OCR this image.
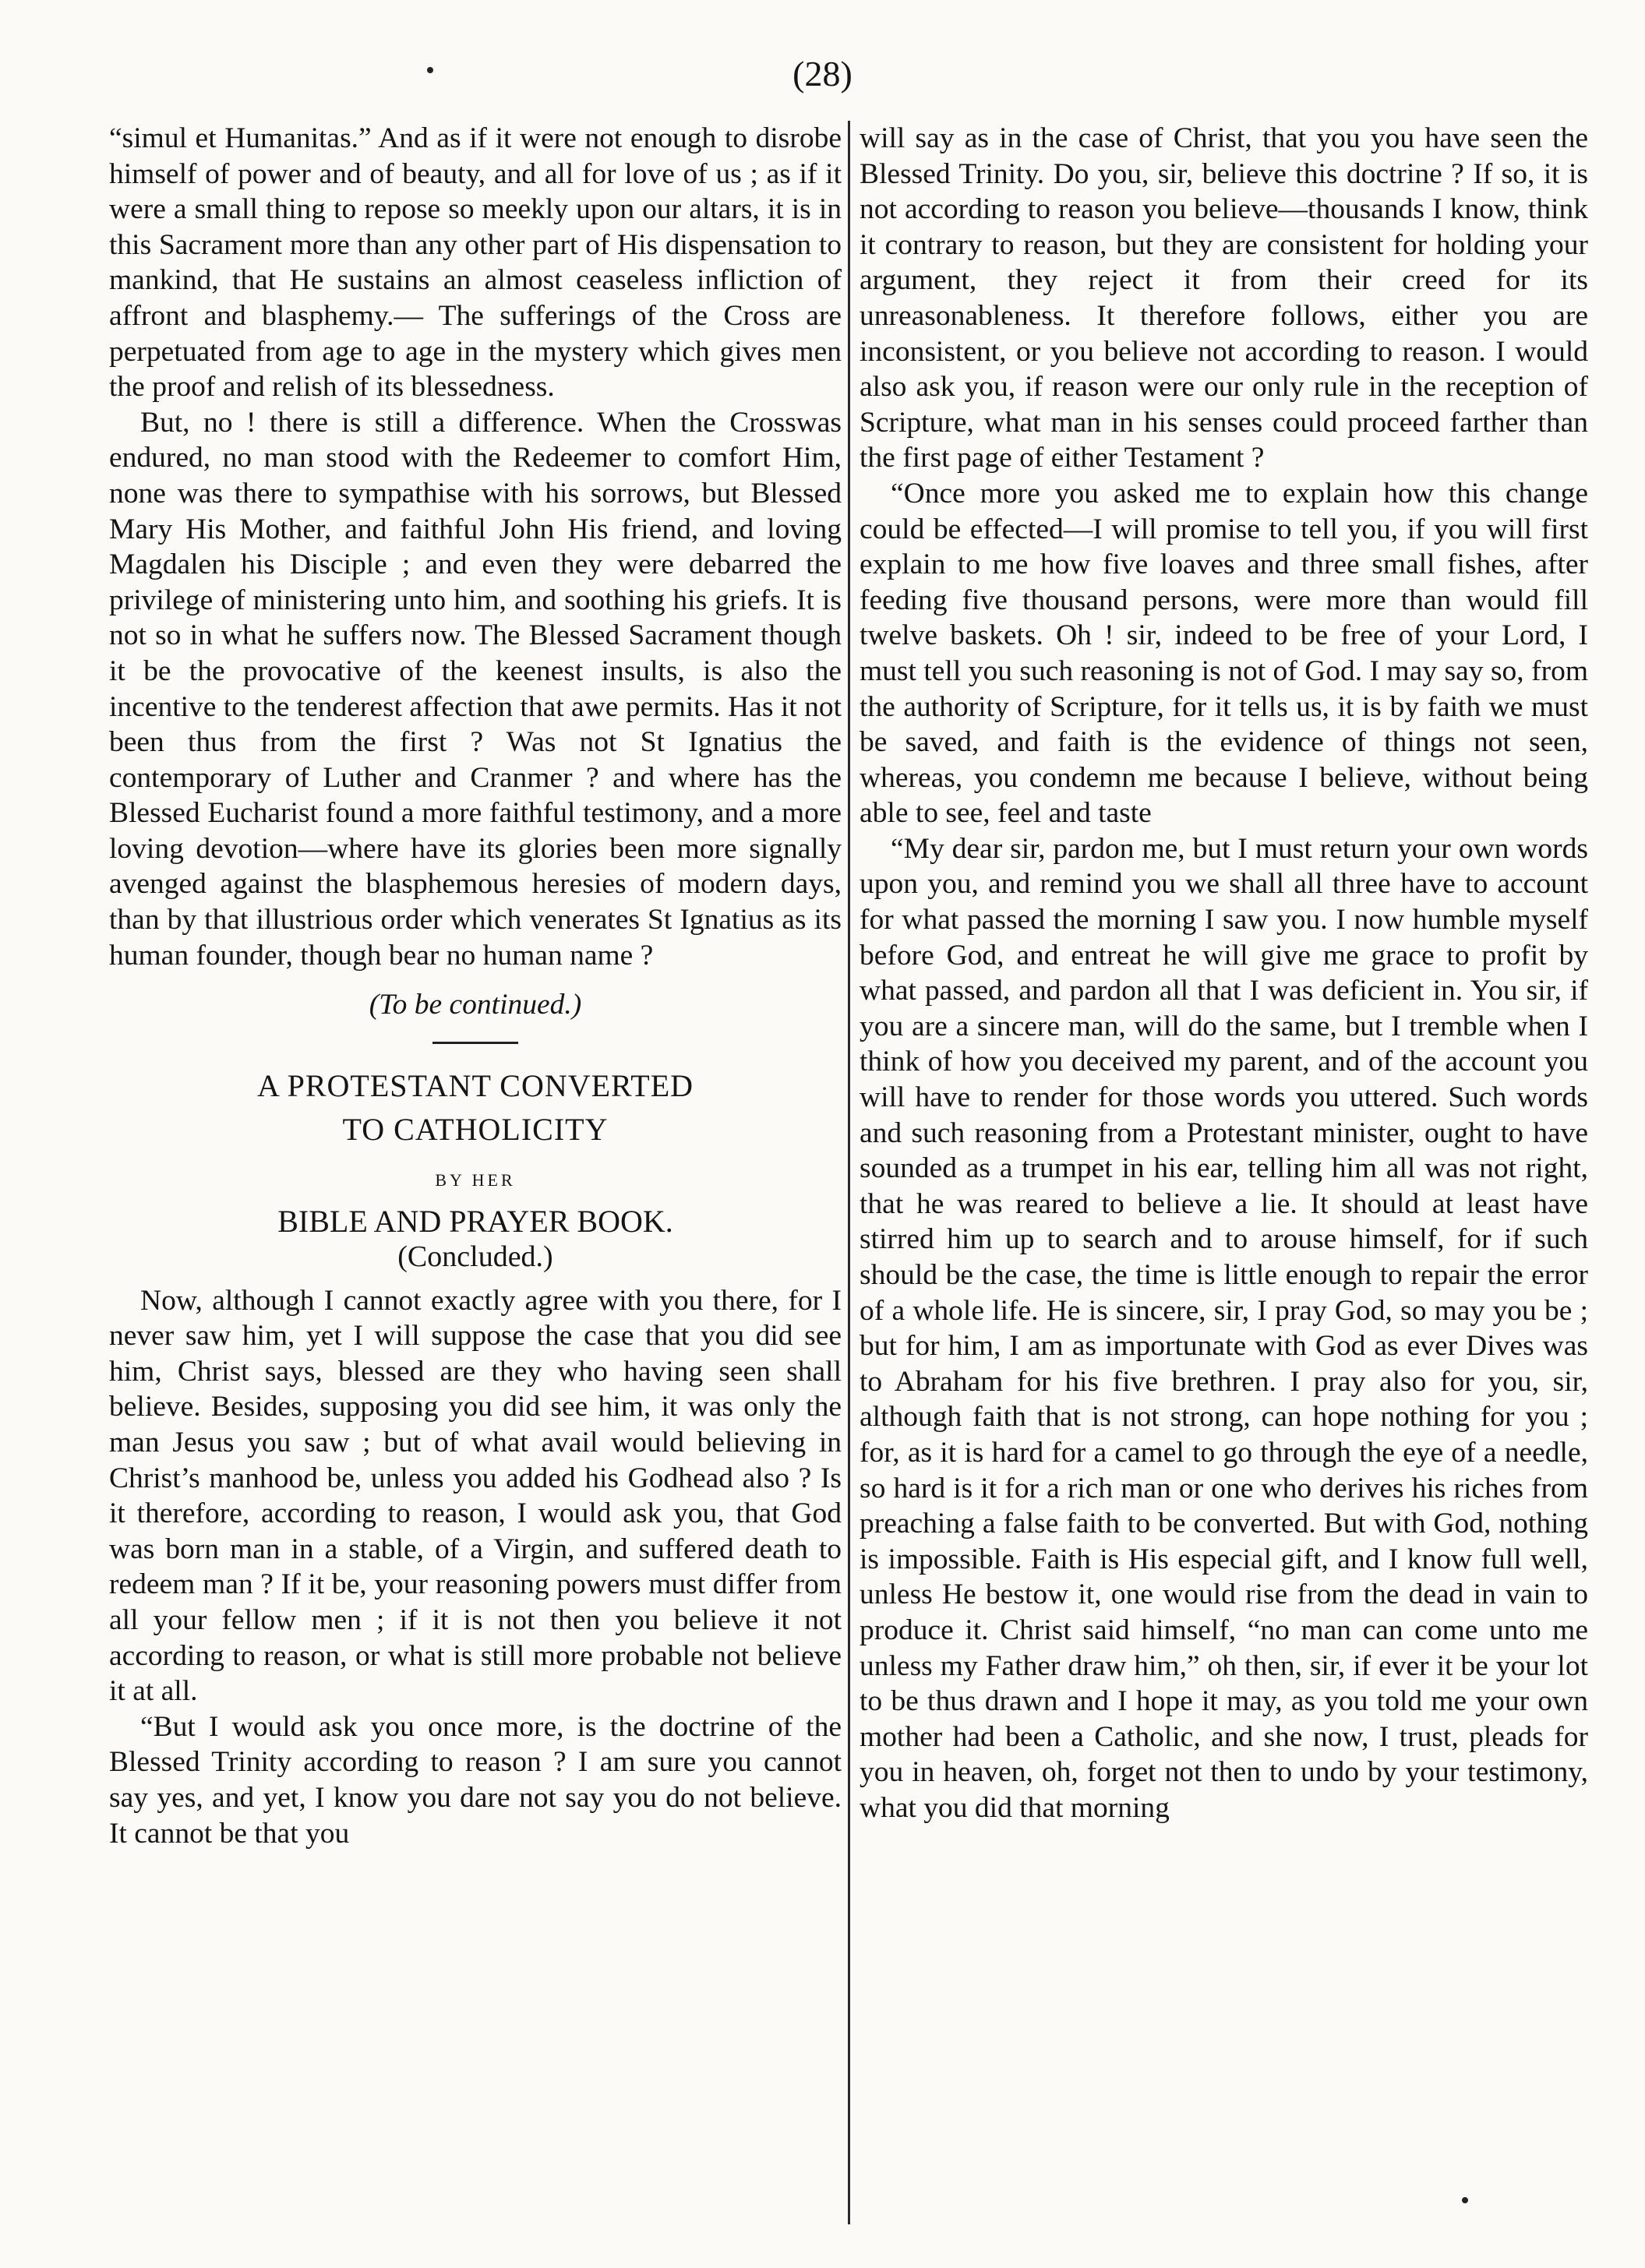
(28)

“simul et Humanitas.” And as if it were not enough to disrobe himself of power and of beauty, and all for love of us ; as if it were a small thing to repose so meekly upon our altars, it is in this Sacrament more than any other part of His dispensation to mankind, that He sustains an almost ceaseless infliction of affront and blasphemy.— The sufferings of the Cross are perpetuated from age to age in the mystery which gives men the proof and relish of its blessedness.

But, no ! there is still a difference. When the Crosswas endured, no man stood with the Redeemer to comfort Him, none was there to sympathise with his sorrows, but Blessed Mary His Mother, and faithful John His friend, and loving Magdalen his Disciple ; and even they were debarred the privilege of ministering unto him, and soothing his griefs. It is not so in what he suffers now. The Blessed Sacrament though it be the provocative of the keenest insults, is also the incentive to the tenderest affection that awe permits. Has it not been thus from the first ? Was not St Ignatius the contemporary of Luther and Cranmer ? and where has the Blessed Eucharist found a more faithful testimony, and a more loving devotion—where have its glories been more signally avenged against the blasphemous heresies of modern days, than by that illustrious order which venerates St Ignatius as its human founder, though bear no human name ?

(To be continued.)

A PROTESTANT CONVERTED

TO CATHOLICITY

BY HER

BIBLE AND PRAYER BOOK.

(Concluded.)

Now, although I cannot exactly agree with you there, for I never saw him, yet I will suppose the case that you did see him, Christ says, blessed are they who having seen shall believe. Besides, supposing you did see him, it was only the man Jesus you saw ; but of what avail would believing in Christ’s manhood be, unless you added his Godhead also ? Is it therefore, according to reason, I would ask you, that God was born man in a stable, of a Virgin, and suffered death to redeem man ? If it be, your reasoning powers must differ from all your fellow men ; if it is not then you believe it not according to reason, or what is still more probable not believe it at all.

“But I would ask you once more, is the doctrine of the Blessed Trinity according to reason ? I am sure you cannot say yes, and yet, I know you dare not say you do not believe. It cannot be that you

will say as in the case of Christ, that you you have seen the Blessed Trinity. Do you, sir, believe this doctrine ? If so, it is not according to reason you believe—thousands I know, think it contrary to reason, but they are consistent for holding your argument, they reject it from their creed for its unreasonableness. It therefore follows, either you are inconsistent, or you believe not according to reason. I would also ask you, if reason were our only rule in the reception of Scripture, what man in his senses could proceed farther than the first page of either Testament ?

“Once more you asked me to explain how this change could be effected—I will promise to tell you, if you will first explain to me how five loaves and three small fishes, after feeding five thousand persons, were more than would fill twelve baskets. Oh ! sir, indeed to be free of your Lord, I must tell you such reasoning is not of God. I may say so, from the authority of Scripture, for it tells us, it is by faith we must be saved, and faith is the evidence of things not seen, whereas, you condemn me because I believe, without being able to see, feel and taste

“My dear sir, pardon me, but I must return your own words upon you, and remind you we shall all three have to account for what passed the morning I saw you. I now humble myself before God, and entreat he will give me grace to profit by what passed, and pardon all that I was deficient in. You sir, if you are a sincere man, will do the same, but I tremble when I think of how you deceived my parent, and of the account you will have to render for those words you uttered. Such words and such reasoning from a Protestant minister, ought to have sounded as a trumpet in his ear, telling him all was not right, that he was reared to believe a lie. It should at least have stirred him up to search and to arouse himself, for if such should be the case, the time is little enough to repair the error of a whole life. He is sincere, sir, I pray God, so may you be ; but for him, I am as importunate with God as ever Dives was to Abraham for his five brethren. I pray also for you, sir, although faith that is not strong, can hope nothing for you ; for, as it is hard for a camel to go through the eye of a needle, so hard is it for a rich man or one who derives his riches from preaching a false faith to be converted. But with God, nothing is impossible. Faith is His especial gift, and I know full well, unless He bestow it, one would rise from the dead in vain to produce it. Christ said himself, “no man can come unto me unless my Father draw him,” oh then, sir, if ever it be your lot to be thus drawn and I hope it may, as you told me your own mother had been a Catholic, and she now, I trust, pleads for you in heaven, oh, forget not then to undo by your testimony, what you did that morning
